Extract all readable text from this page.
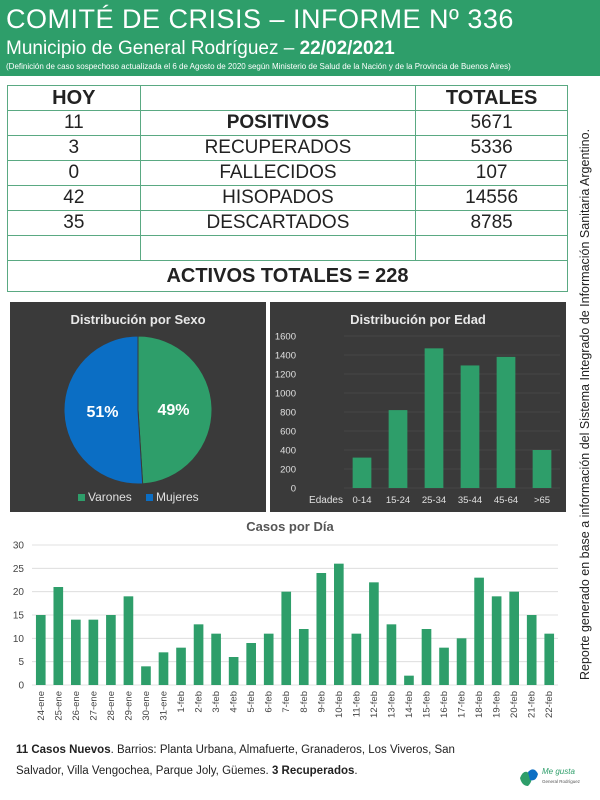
COMITÉ DE CRISIS – INFORME Nº 336
Municipio de General Rodríguez – 22/02/2021
(Definición de caso sospechoso actualizada el 6 de Agosto de 2020 según Ministerio de Salud de la Nación y de la Provincia de Buenos Aires)
HOY		TOTALES
11	POSITIVOS	5671
3	RECUPERADOS	5336
0	FALLECIDOS	107
42	HISOPADOS	14556
35	DESCARTADOS	8785

ACTIVOS TOTALES = 228			Reporte generado en base a información del Sistema Integrado de Información Sanitaria Argentino.
Distribución por Sexo
49%
51%
Varones Mujeres
Distribución por Edad
0
200
400
600
800
1000
1200
1400
1600
Edades 0-14 15-24 25-34 35-44 45-64 >65
Casos por Día
0
5
10
15
20
25
30
24-ene 25-ene 26-ene 27-ene 28-ene 29-ene 30-ene 31-ene 1-feb 2-feb 3-feb 4-feb 5-feb 6-feb 7-feb 8-feb 9-feb 10-feb 11-feb 12-feb 13-feb 14-feb 15-feb 16-feb 17-feb 18-feb 19-feb 20-feb 21-feb 22-feb
11 Casos Nuevos. Barrios: Planta Urbana, Almafuerte, Granaderos, Los Viveros, San Salvador, Villa Vengochea, Parque Joly, Güemes. 3 Recuperados.	Me gusta
General Rodríguez
